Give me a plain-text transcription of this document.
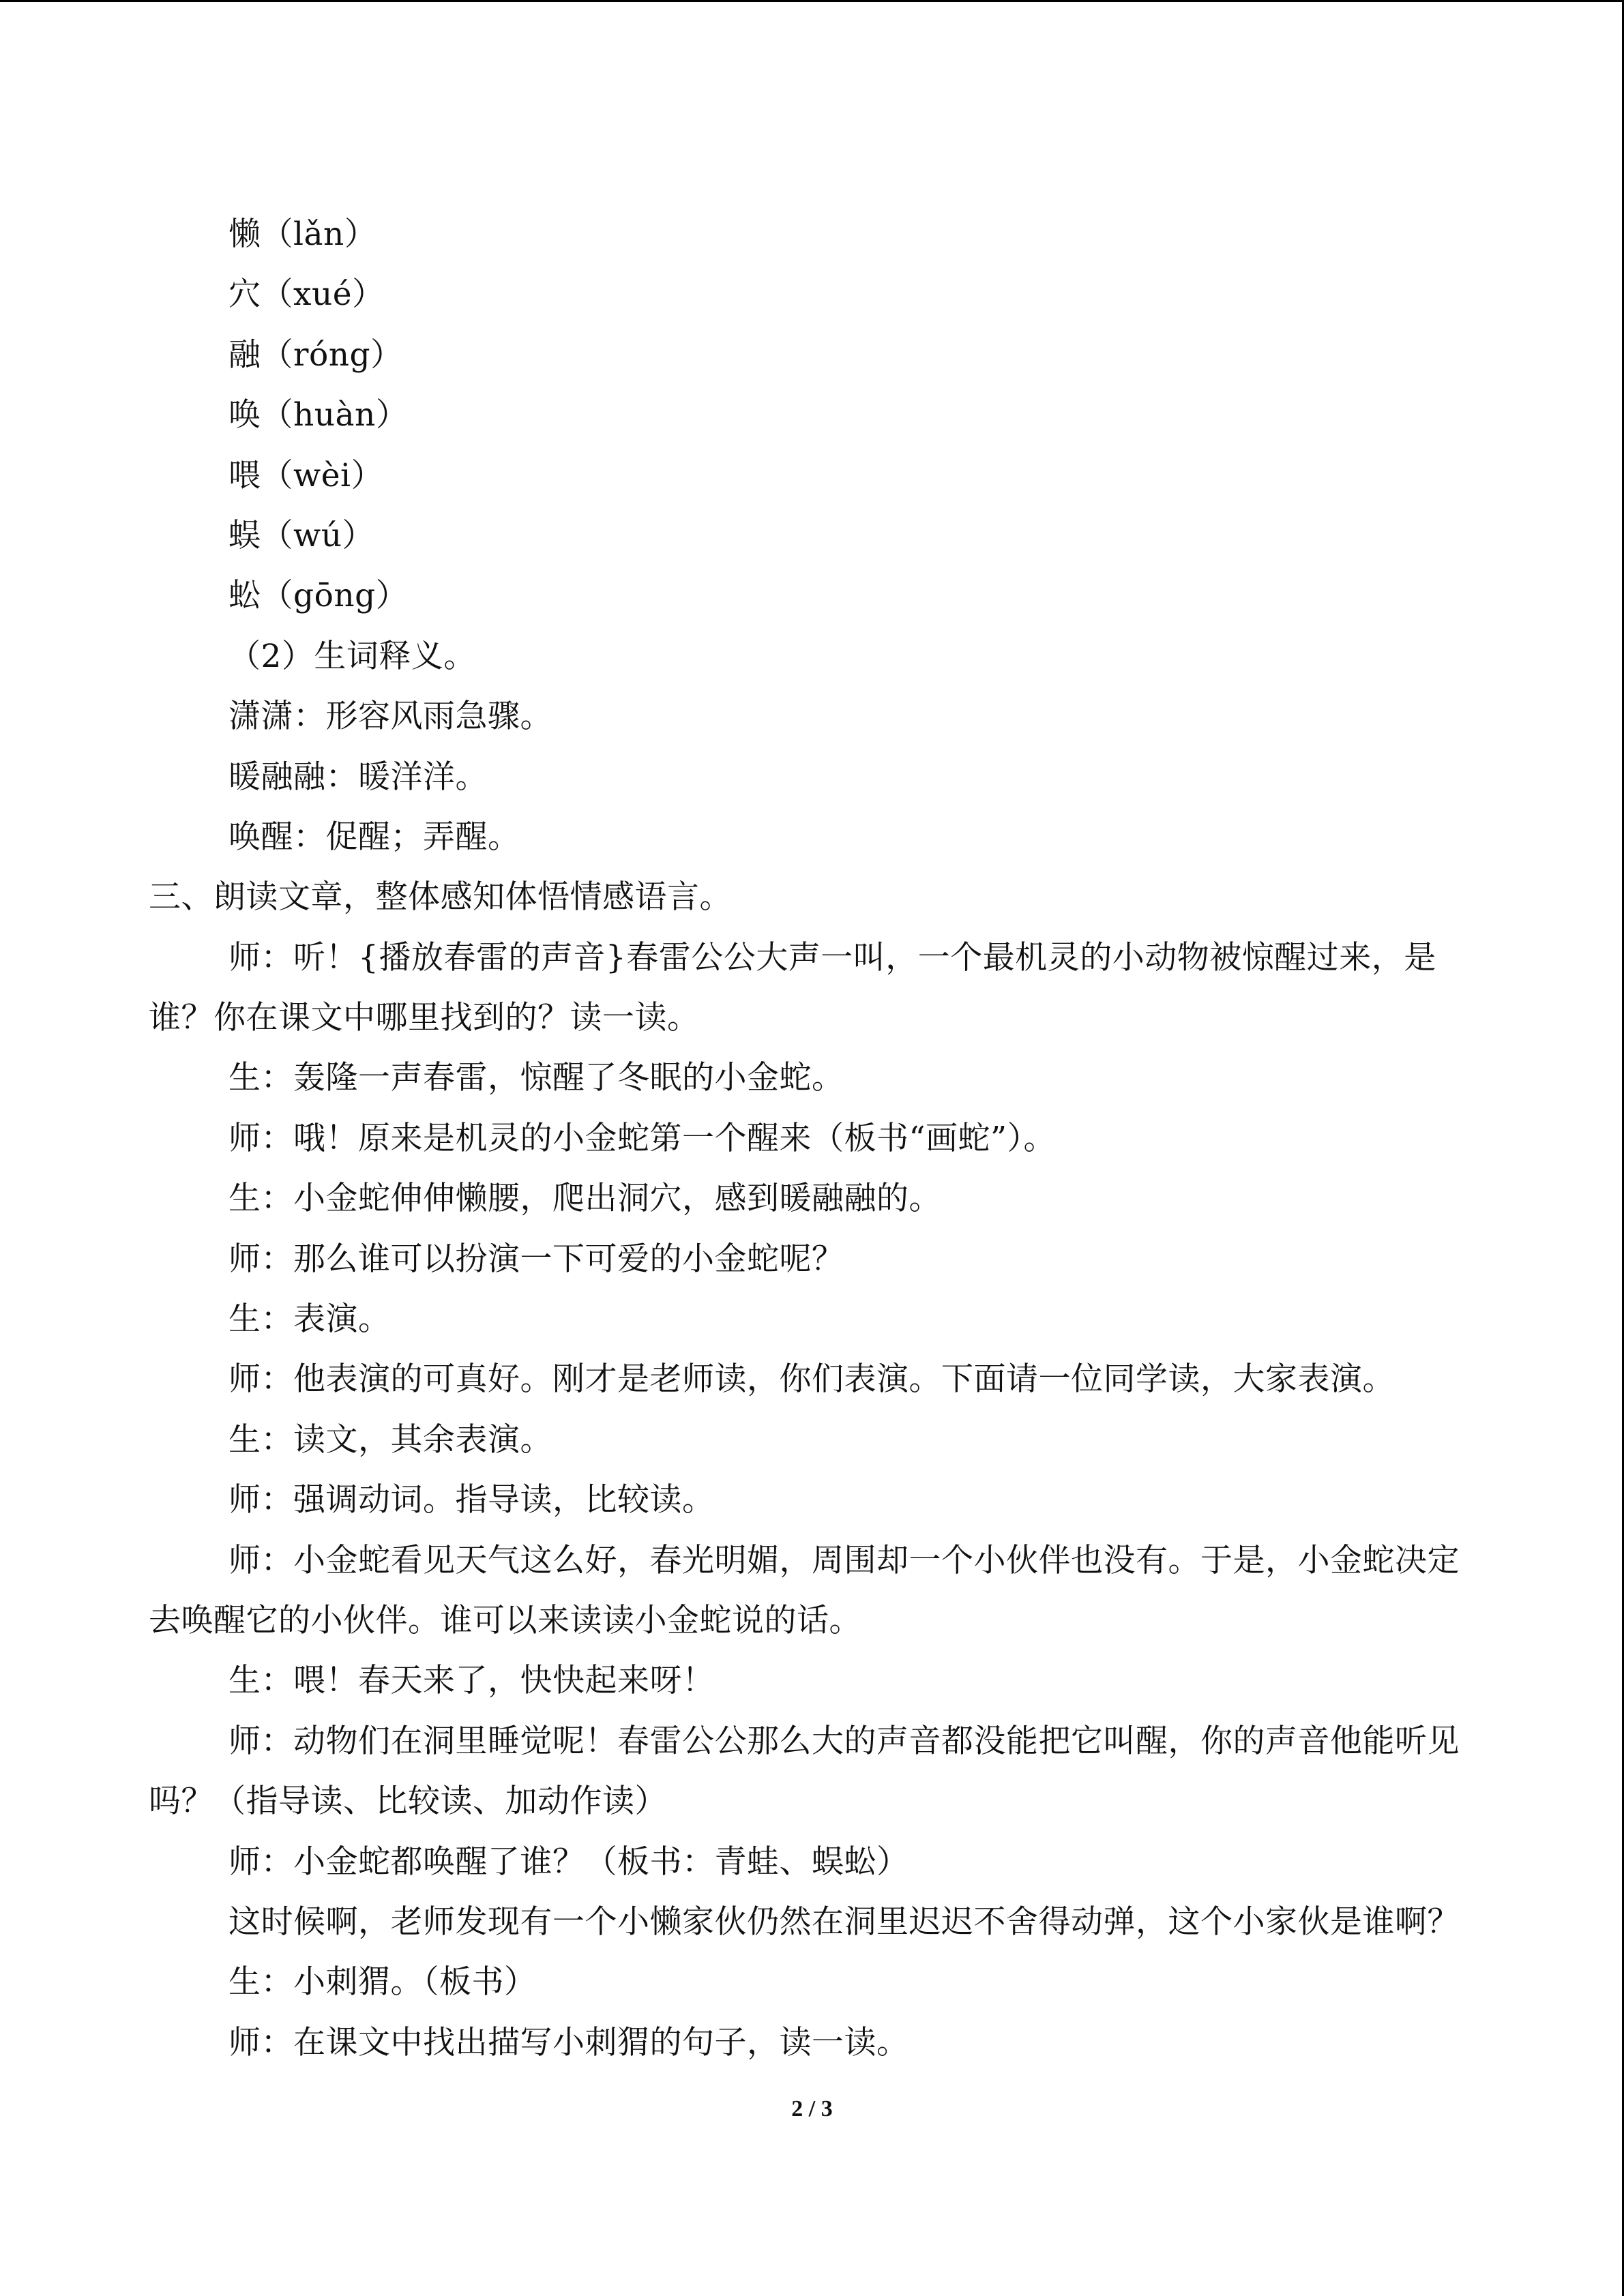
懒（lǎn）
穴（xué）
融（róng）
唤（huàn）
喂（wèi）
蜈（wú）
蚣（gōng）
（2）生词释义。
潇潇：形容风雨急骤。
暖融融：暖洋洋。
唤醒：促醒；弄醒。
三、朗读文章，整体感知体悟情感语言。
师：听！{播放春雷的声音}春雷公公大声一叫，一个最机灵的小动物被惊醒过来，是
谁？你在课文中哪里找到的？读一读。
生：轰隆一声春雷，惊醒了冬眠的小金蛇。
师：哦！原来是机灵的小金蛇第一个醒来（板书“画蛇”）。
生：小金蛇伸伸懒腰，爬出洞穴，感到暖融融的。
师：那么谁可以扮演一下可爱的小金蛇呢？
生：表演。
师：他表演的可真好。刚才是老师读，你们表演。下面请一位同学读，大家表演。
生：读文，其余表演。
师：强调动词。指导读，比较读。
师：小金蛇看见天气这么好，春光明媚，周围却一个小伙伴也没有。于是，小金蛇决定
去唤醒它的小伙伴。谁可以来读读小金蛇说的话。
生：喂！春天来了，快快起来呀！
师：动物们在洞里睡觉呢！春雷公公那么大的声音都没能把它叫醒，你的声音他能听见
吗？（指导读、比较读、加动作读）
师：小金蛇都唤醒了谁？（板书：青蛙、蜈蚣）
这时候啊，老师发现有一个小懒家伙仍然在洞里迟迟不舍得动弹，这个小家伙是谁啊？
生：小刺猬。（板书）
师：在课文中找出描写小刺猬的句子，读一读。
2 / 3
